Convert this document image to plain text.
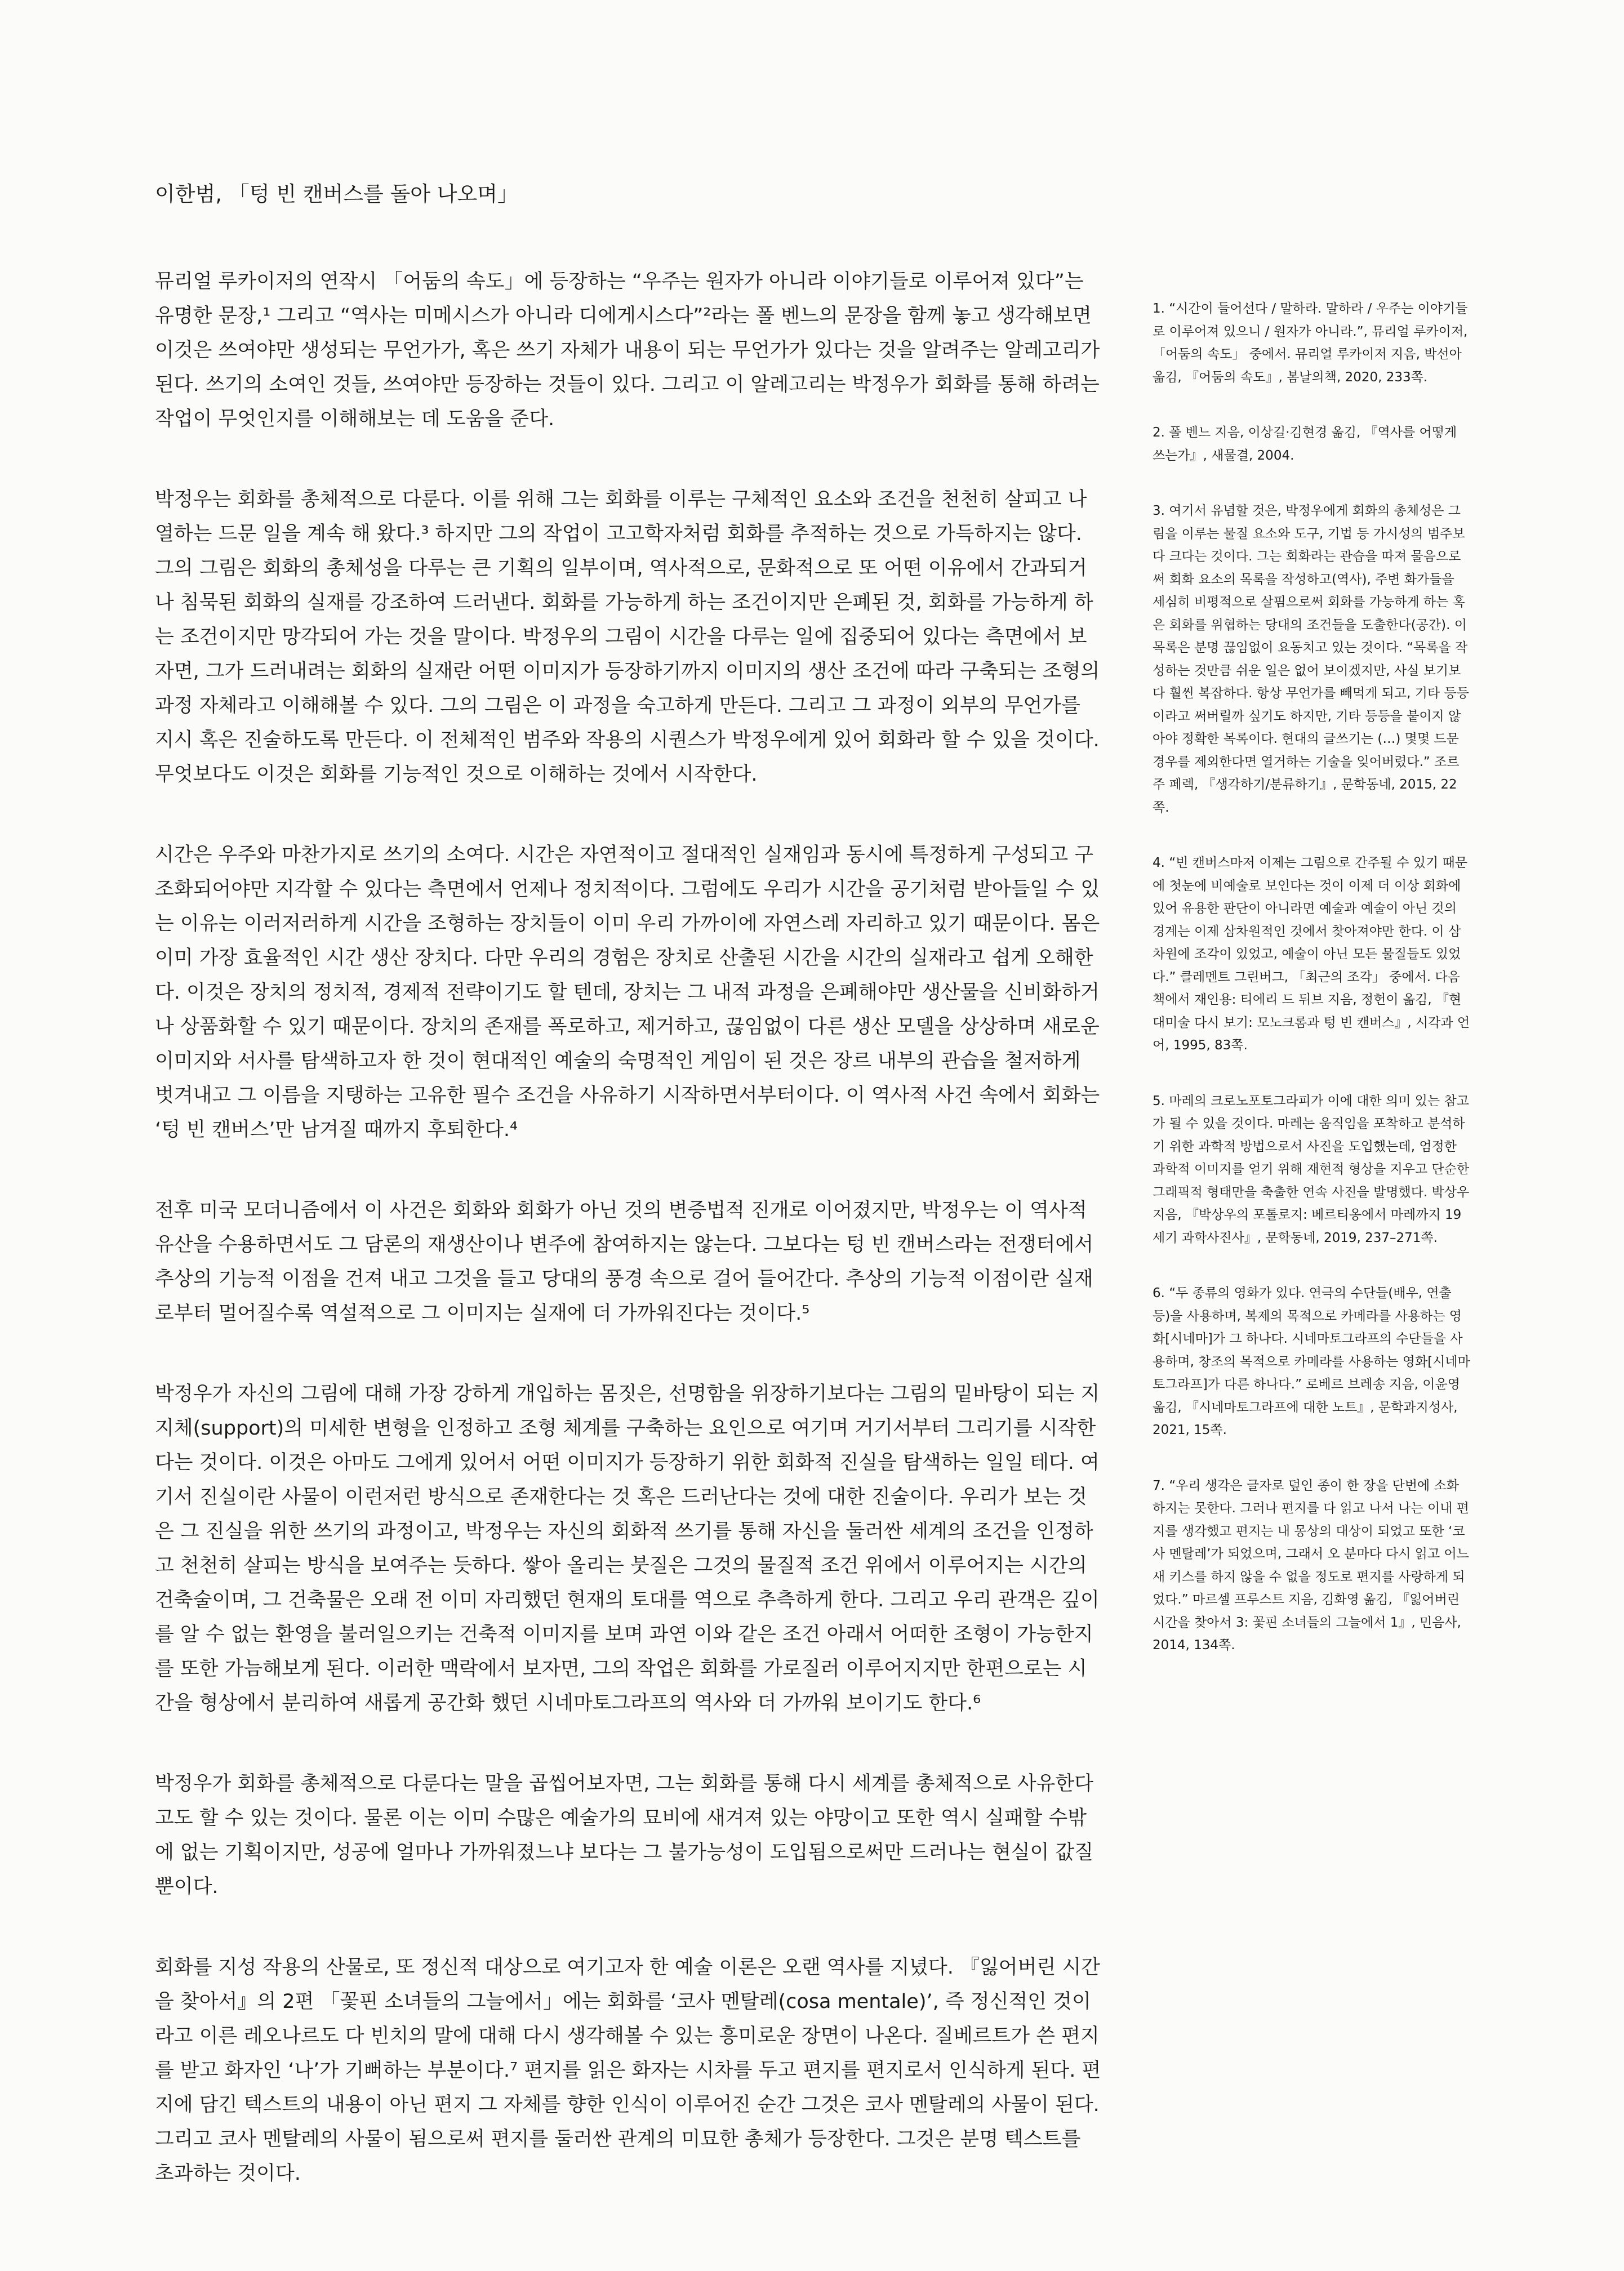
이한범, 「텅 빈 캔버스를 돌아 나오며」

뮤리얼 루카이저의 연작시 「어둠의 속도」에 등장하는 “우주는 원자가 아니라 이야기들로 이루어져 있다”는 유명한 문장,¹ 그리고 “역사는 미메시스가 아니라 디에게시스다”²라는 폴 벤느의 문장을 함께 놓고 생각해보면 이것은 쓰여야만 생성되는 무언가가, 혹은 쓰기 자체가 내용이 되는 무언가가 있다는 것을 알려주는 알레고리가 된다. 쓰기의 소여인 것들, 쓰여야만 등장하는 것들이 있다. 그리고 이 알레고리는 박정우가 회화를 통해 하려는 작업이 무엇인지를 이해해보는 데 도움을 준다.

박정우는 회화를 총체적으로 다룬다. 이를 위해 그는 회화를 이루는 구체적인 요소와 조건을 천천히 살피고 나열하는 드문 일을 계속 해 왔다.³ 하지만 그의 작업이 고고학자처럼 회화를 추적하는 것으로 가득하지는 않다. 그의 그림은 회화의 총체성을 다루는 큰 기획의 일부이며, 역사적으로, 문화적으로 또 어떤 이유에서 간과되거나 침묵된 회화의 실재를 강조하여 드러낸다. 회화를 가능하게 하는 조건이지만 은폐된 것, 회화를 가능하게 하는 조건이지만 망각되어 가는 것을 말이다. 박정우의 그림이 시간을 다루는 일에 집중되어 있다는 측면에서 보자면, 그가 드러내려는 회화의 실재란 어떤 이미지가 등장하기까지 이미지의 생산 조건에 따라 구축되는 조형의 과정 자체라고 이해해볼 수 있다. 그의 그림은 이 과정을 숙고하게 만든다. 그리고 그 과정이 외부의 무언가를 지시 혹은 진술하도록 만든다. 이 전체적인 범주와 작용의 시퀀스가 박정우에게 있어 회화라 할 수 있을 것이다. 무엇보다도 이것은 회화를 기능적인 것으로 이해하는 것에서 시작한다.

시간은 우주와 마찬가지로 쓰기의 소여다. 시간은 자연적이고 절대적인 실재임과 동시에 특정하게 구성되고 구조화되어야만 지각할 수 있다는 측면에서 언제나 정치적이다. 그럼에도 우리가 시간을 공기처럼 받아들일 수 있는 이유는 이러저러하게 시간을 조형하는 장치들이 이미 우리 가까이에 자연스레 자리하고 있기 때문이다. 몸은 이미 가장 효율적인 시간 생산 장치다. 다만 우리의 경험은 장치로 산출된 시간을 시간의 실재라고 쉽게 오해한다. 이것은 장치의 정치적, 경제적 전략이기도 할 텐데, 장치는 그 내적 과정을 은폐해야만 생산물을 신비화하거나 상품화할 수 있기 때문이다. 장치의 존재를 폭로하고, 제거하고, 끊임없이 다른 생산 모델을 상상하며 새로운 이미지와 서사를 탐색하고자 한 것이 현대적인 예술의 숙명적인 게임이 된 것은 장르 내부의 관습을 철저하게 벗겨내고 그 이름을 지탱하는 고유한 필수 조건을 사유하기 시작하면서부터이다. 이 역사적 사건 속에서 회화는 ‘텅 빈 캔버스’만 남겨질 때까지 후퇴한다.⁴

전후 미국 모더니즘에서 이 사건은 회화와 회화가 아닌 것의 변증법적 진개로 이어졌지만, 박정우는 이 역사적 유산을 수용하면서도 그 담론의 재생산이나 변주에 참여하지는 않는다. 그보다는 텅 빈 캔버스라는 전쟁터에서 추상의 기능적 이점을 건져 내고 그것을 들고 당대의 풍경 속으로 걸어 들어간다. 추상의 기능적 이점이란 실재로부터 멀어질수록 역설적으로 그 이미지는 실재에 더 가까워진다는 것이다.⁵

박정우가 자신의 그림에 대해 가장 강하게 개입하는 몸짓은, 선명함을 위장하기보다는 그림의 밑바탕이 되는 지지체(support)의 미세한 변형을 인정하고 조형 체계를 구축하는 요인으로 여기며 거기서부터 그리기를 시작한다는 것이다. 이것은 아마도 그에게 있어서 어떤 이미지가 등장하기 위한 회화적 진실을 탐색하는 일일 테다. 여기서 진실이란 사물이 이런저런 방식으로 존재한다는 것 혹은 드러난다는 것에 대한 진술이다. 우리가 보는 것은 그 진실을 위한 쓰기의 과정이고, 박정우는 자신의 회화적 쓰기를 통해 자신을 둘러싼 세계의 조건을 인정하고 천천히 살피는 방식을 보여주는 듯하다. 쌓아 올리는 붓질은 그것의 물질적 조건 위에서 이루어지는 시간의 건축술이며, 그 건축물은 오래 전 이미 자리했던 현재의 토대를 역으로 추측하게 한다. 그리고 우리 관객은 깊이를 알 수 없는 환영을 불러일으키는 건축적 이미지를 보며 과연 이와 같은 조건 아래서 어떠한 조형이 가능한지를 또한 가늠해보게 된다. 이러한 맥락에서 보자면, 그의 작업은 회화를 가로질러 이루어지지만 한편으로는 시간을 형상에서 분리하여 새롭게 공간화 했던 시네마토그라프의 역사와 더 가까워 보이기도 한다.⁶

박정우가 회화를 총체적으로 다룬다는 말을 곱씹어보자면, 그는 회화를 통해 다시 세계를 총체적으로 사유한다고도 할 수 있는 것이다. 물론 이는 이미 수많은 예술가의 묘비에 새겨져 있는 야망이고 또한 역시 실패할 수밖에 없는 기획이지만, 성공에 얼마나 가까워졌느냐 보다는 그 불가능성이 도입됨으로써만 드러나는 현실이 값질 뿐이다.

회화를 지성 작용의 산물로, 또 정신적 대상으로 여기고자 한 예술 이론은 오랜 역사를 지녔다. 『잃어버린 시간을 찾아서』의 2편 「꽃핀 소녀들의 그늘에서」에는 회화를 ‘코사 멘탈레(cosa mentale)’, 즉 정신적인 것이라고 이른 레오나르도 다 빈치의 말에 대해 다시 생각해볼 수 있는 흥미로운 장면이 나온다. 질베르트가 쓴 편지를 받고 화자인 ‘나’가 기뻐하는 부분이다.⁷ 편지를 읽은 화자는 시차를 두고 편지를 편지로서 인식하게 된다. 편지에 담긴 텍스트의 내용이 아닌 편지 그 자체를 향한 인식이 이루어진 순간 그것은 코사 멘탈레의 사물이 된다. 그리고 코사 멘탈레의 사물이 됨으로써 편지를 둘러싼 관계의 미묘한 총체가 등장한다. 그것은 분명 텍스트를 초과하는 것이다.

1. “시간이 들어선다 / 말하라. 말하라 / 우주는 이야기들로 이루어져 있으니 / 원자가 아니라.”, 뮤리얼 루카이저, 「어둠의 속도」 중에서. 뮤리얼 루카이저 지음, 박선아 옮김, 『어둠의 속도』, 봄날의책, 2020, 233쪽.

2. 폴 벤느 지음, 이상길·김현경 옮김, 『역사를 어떻게 쓰는가』, 새물결, 2004.

3. 여기서 유념할 것은, 박정우에게 회화의 총체성은 그림을 이루는 물질 요소와 도구, 기법 등 가시성의 범주보다 크다는 것이다. 그는 회화라는 관습을 따져 물음으로써 회화 요소의 목록을 작성하고(역사), 주변 화가들을 세심히 비평적으로 살핌으로써 회화를 가능하게 하는 혹은 회화를 위협하는 당대의 조건들을 도출한다(공간). 이 목록은 분명 끊임없이 요동치고 있는 것이다. “목록을 작성하는 것만큼 쉬운 일은 없어 보이겠지만, 사실 보기보다 훨씬 복잡하다. 항상 무언가를 빼먹게 되고, 기타 등등이라고 써버릴까 싶기도 하지만, 기타 등등을 붙이지 않아야 정확한 목록이다. 현대의 글쓰기는 (…) 몇몇 드문 경우를 제외한다면 열거하는 기술을 잊어버렸다.” 조르주 페렉, 『생각하기/분류하기』, 문학동네, 2015, 22쪽.

4. “빈 캔버스마저 이제는 그림으로 간주될 수 있기 때문에 첫눈에 비예술로 보인다는 것이 이제 더 이상 회화에 있어 유용한 판단이 아니라면 예술과 예술이 아닌 것의 경계는 이제 삼차원적인 것에서 찾아져야만 한다. 이 삼차원에 조각이 있었고, 예술이 아닌 모든 물질들도 있었다.” 클레멘트 그린버그, 「최근의 조각」 중에서. 다음 책에서 재인용: 티에리 드 뒤브 지음, 정헌이 옮김, 『현대미술 다시 보기: 모노크롬과 텅 빈 캔버스』, 시각과 언어, 1995, 83쪽.

5. 마레의 크로노포토그라피가 이에 대한 의미 있는 참고가 될 수 있을 것이다. 마레는 움직임을 포착하고 분석하기 위한 과학적 방법으로서 사진을 도입했는데, 엄정한 과학적 이미지를 얻기 위해 재현적 형상을 지우고 단순한 그래픽적 형태만을 축출한 연속 사진을 발명했다. 박상우 지음, 『박상우의 포톨로지: 베르티옹에서 마레까지 19세기 과학사진사』, 문학동네, 2019, 237–271쪽.

6. “두 종류의 영화가 있다. 연극의 수단들(배우, 연출 등)을 사용하며, 복제의 목적으로 카메라를 사용하는 영화[시네마]가 그 하나다. 시네마토그라프의 수단들을 사용하며, 창조의 목적으로 카메라를 사용하는 영화[시네마토그라프]가 다른 하나다.” 로베르 브레송 지음, 이윤영 옮김, 『시네마토그라프에 대한 노트』, 문학과지성사, 2021, 15쪽.

7. “우리 생각은 글자로 덮인 종이 한 장을 단번에 소화하지는 못한다. 그러나 편지를 다 읽고 나서 나는 이내 편지를 생각했고 편지는 내 몽상의 대상이 되었고 또한 ‘코사 멘탈레’가 되었으며, 그래서 오 분마다 다시 읽고 어느새 키스를 하지 않을 수 없을 정도로 편지를 사랑하게 되었다.” 마르셀 프루스트 지음, 김화영 옮김, 『잃어버린 시간을 찾아서 3: 꽃핀 소녀들의 그늘에서 1』, 민음사, 2014, 134쪽.
